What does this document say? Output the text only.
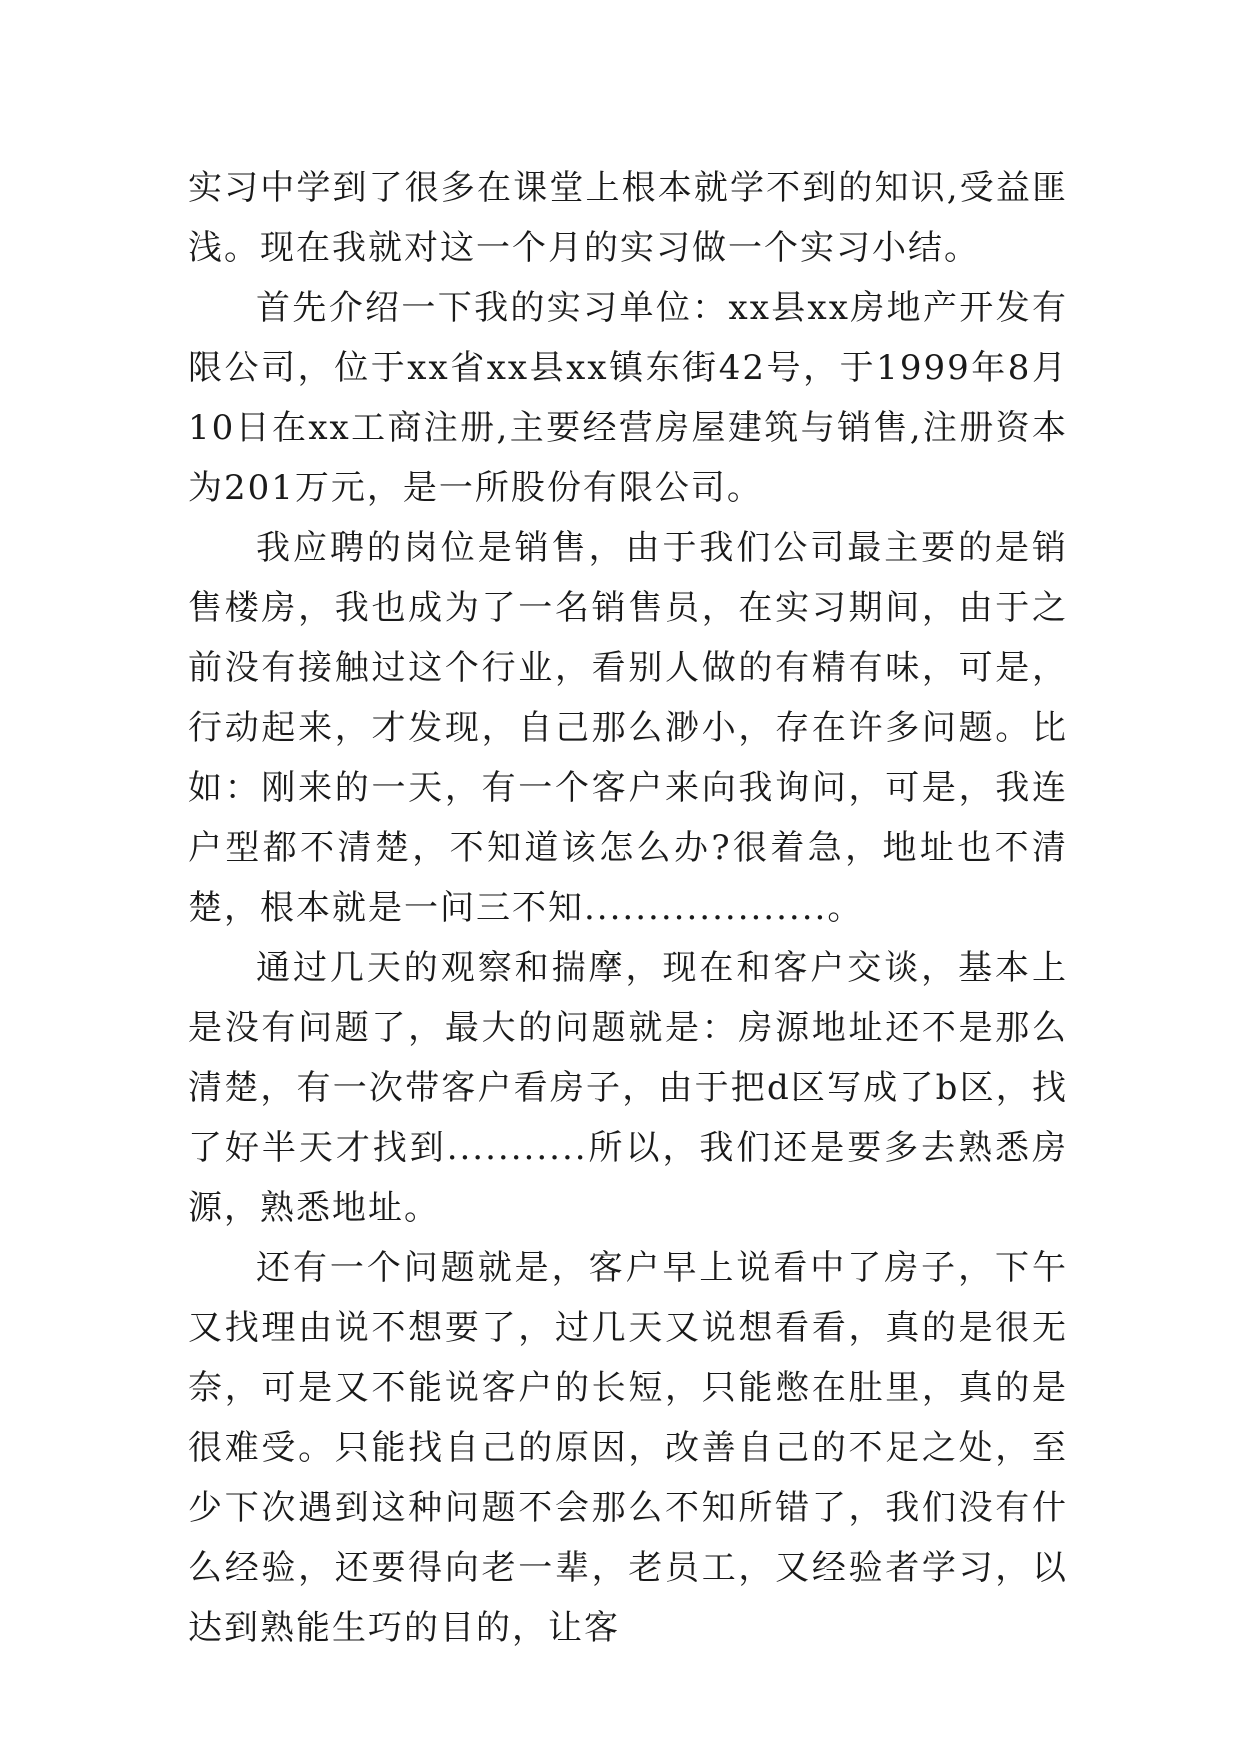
实习中学到了很多在课堂上根本就学不到的知识,受益匪浅。现在我就对这一个月的实习做一个实习小结。

首先介绍一下我的实习单位：xx县xx房地产开发有限公司，位于xx省xx县xx镇东街42号，于1999年8月10日在xx工商注册,主要经营房屋建筑与销售,注册资本为201万元，是一所股份有限公司。

我应聘的岗位是销售，由于我们公司最主要的是销售楼房，我也成为了一名销售员，在实习期间，由于之前没有接触过这个行业，看别人做的有精有味，可是，行动起来，才发现，自己那么渺小，存在许多问题。比如：刚来的一天，有一个客户来向我询问，可是，我连户型都不清楚，不知道该怎么办?很着急，地址也不清楚，根本就是一问三不知...................。

通过几天的观察和揣摩，现在和客户交谈，基本上是没有问题了，最大的问题就是：房源地址还不是那么清楚，有一次带客户看房子，由于把d区写成了b区，找了好半天才找到...........所以，我们还是要多去熟悉房源，熟悉地址。

还有一个问题就是，客户早上说看中了房子，下午又找理由说不想要了，过几天又说想看看，真的是很无奈，可是又不能说客户的长短，只能憋在肚里，真的是很难受。只能找自己的原因，改善自己的不足之处，至少下次遇到这种问题不会那么不知所错了，我们没有什么经验，还要得向老一辈，老员工，又经验者学习，以达到熟能生巧的目的，让客
